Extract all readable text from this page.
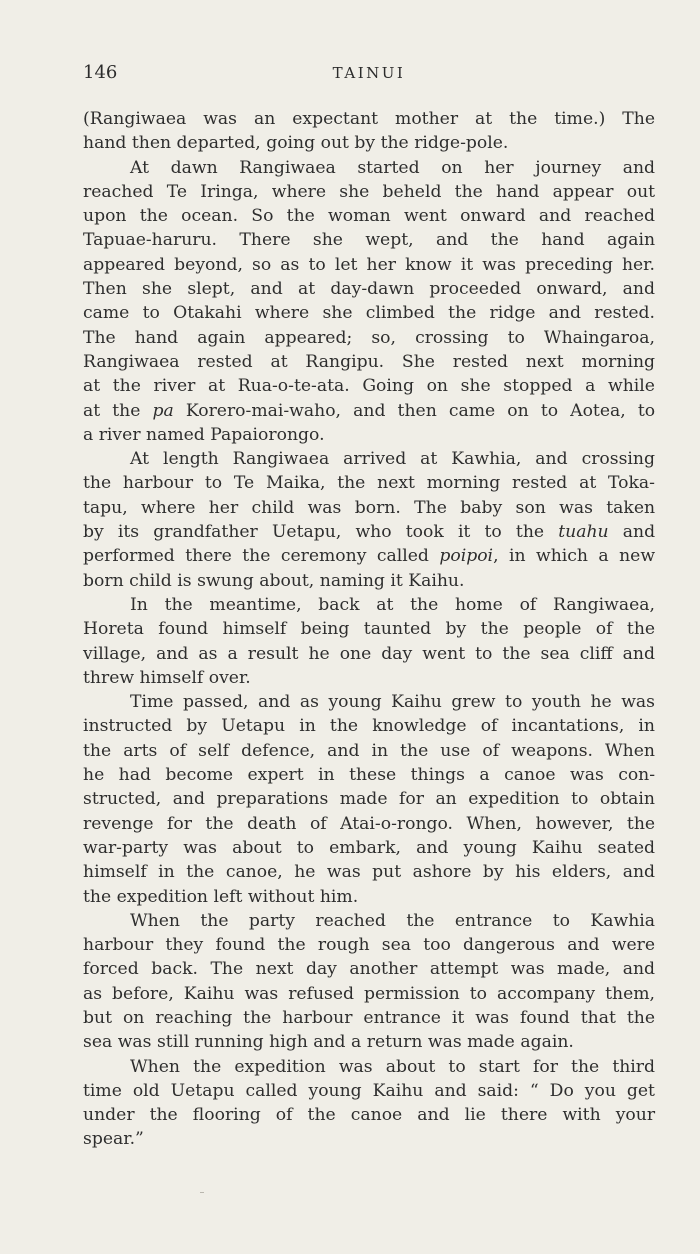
146	TAINUI

(Rangiwaea was an expectant mother at the time.) The
hand then departed, going out by the ridge-pole.

At dawn Rangiwaea started on her journey and
reached Te Iringa, where she beheld the hand appear out
upon the ocean. So the woman went onward and reached
Tapuae-haruru. There she wept, and the hand again
appeared beyond, so as to let her know it was preceding her.
Then she slept, and at day-dawn proceeded onward, and
came to Otakahi where she climbed the ridge and rested.
The hand again appeared; so, crossing to Whaingaroa,
Rangiwaea rested at Rangipu. She rested next morning
at the river at Rua-o-te-ata. Going on she stopped a while
at the pa Korero-mai-waho, and then came on to Aotea, to
a river named Papaiorongo.

At length Rangiwaea arrived at Kawhia, and crossing
the harbour to Te Maika, the next morning rested at Toka-
tapu, where her child was born. The baby son was taken
by its grandfather Uetapu, who took it to the tuahu and
performed there the ceremony called poipoi, in which a new
born child is swung about, naming it Kaihu.

In the meantime, back at the home of Rangiwaea,
Horeta found himself being taunted by the people of the
village, and as a result he one day went to the sea cliff and
threw himself over.

Time passed, and as young Kaihu grew to youth he was
instructed by Uetapu in the knowledge of incantations, in
the arts of self defence, and in the use of weapons. When
he had become expert in these things a canoe was con-
structed, and preparations made for an expedition to obtain
revenge for the death of Atai-o-rongo. When, however, the
war-party was about to embark, and young Kaihu seated
himself in the canoe, he was put ashore by his elders, and
the expedition left without him.

When the party reached the entrance to Kawhia
harbour they found the rough sea too dangerous and were
forced back. The next day another attempt was made, and
as before, Kaihu was refused permission to accompany them,
but on reaching the harbour entrance it was found that the
sea was still running high and a return was made again.

When the expedition was about to start for the third
time old Uetapu called young Kaihu and said: “ Do you get
under the flooring of the canoe and lie there with your
spear.”
